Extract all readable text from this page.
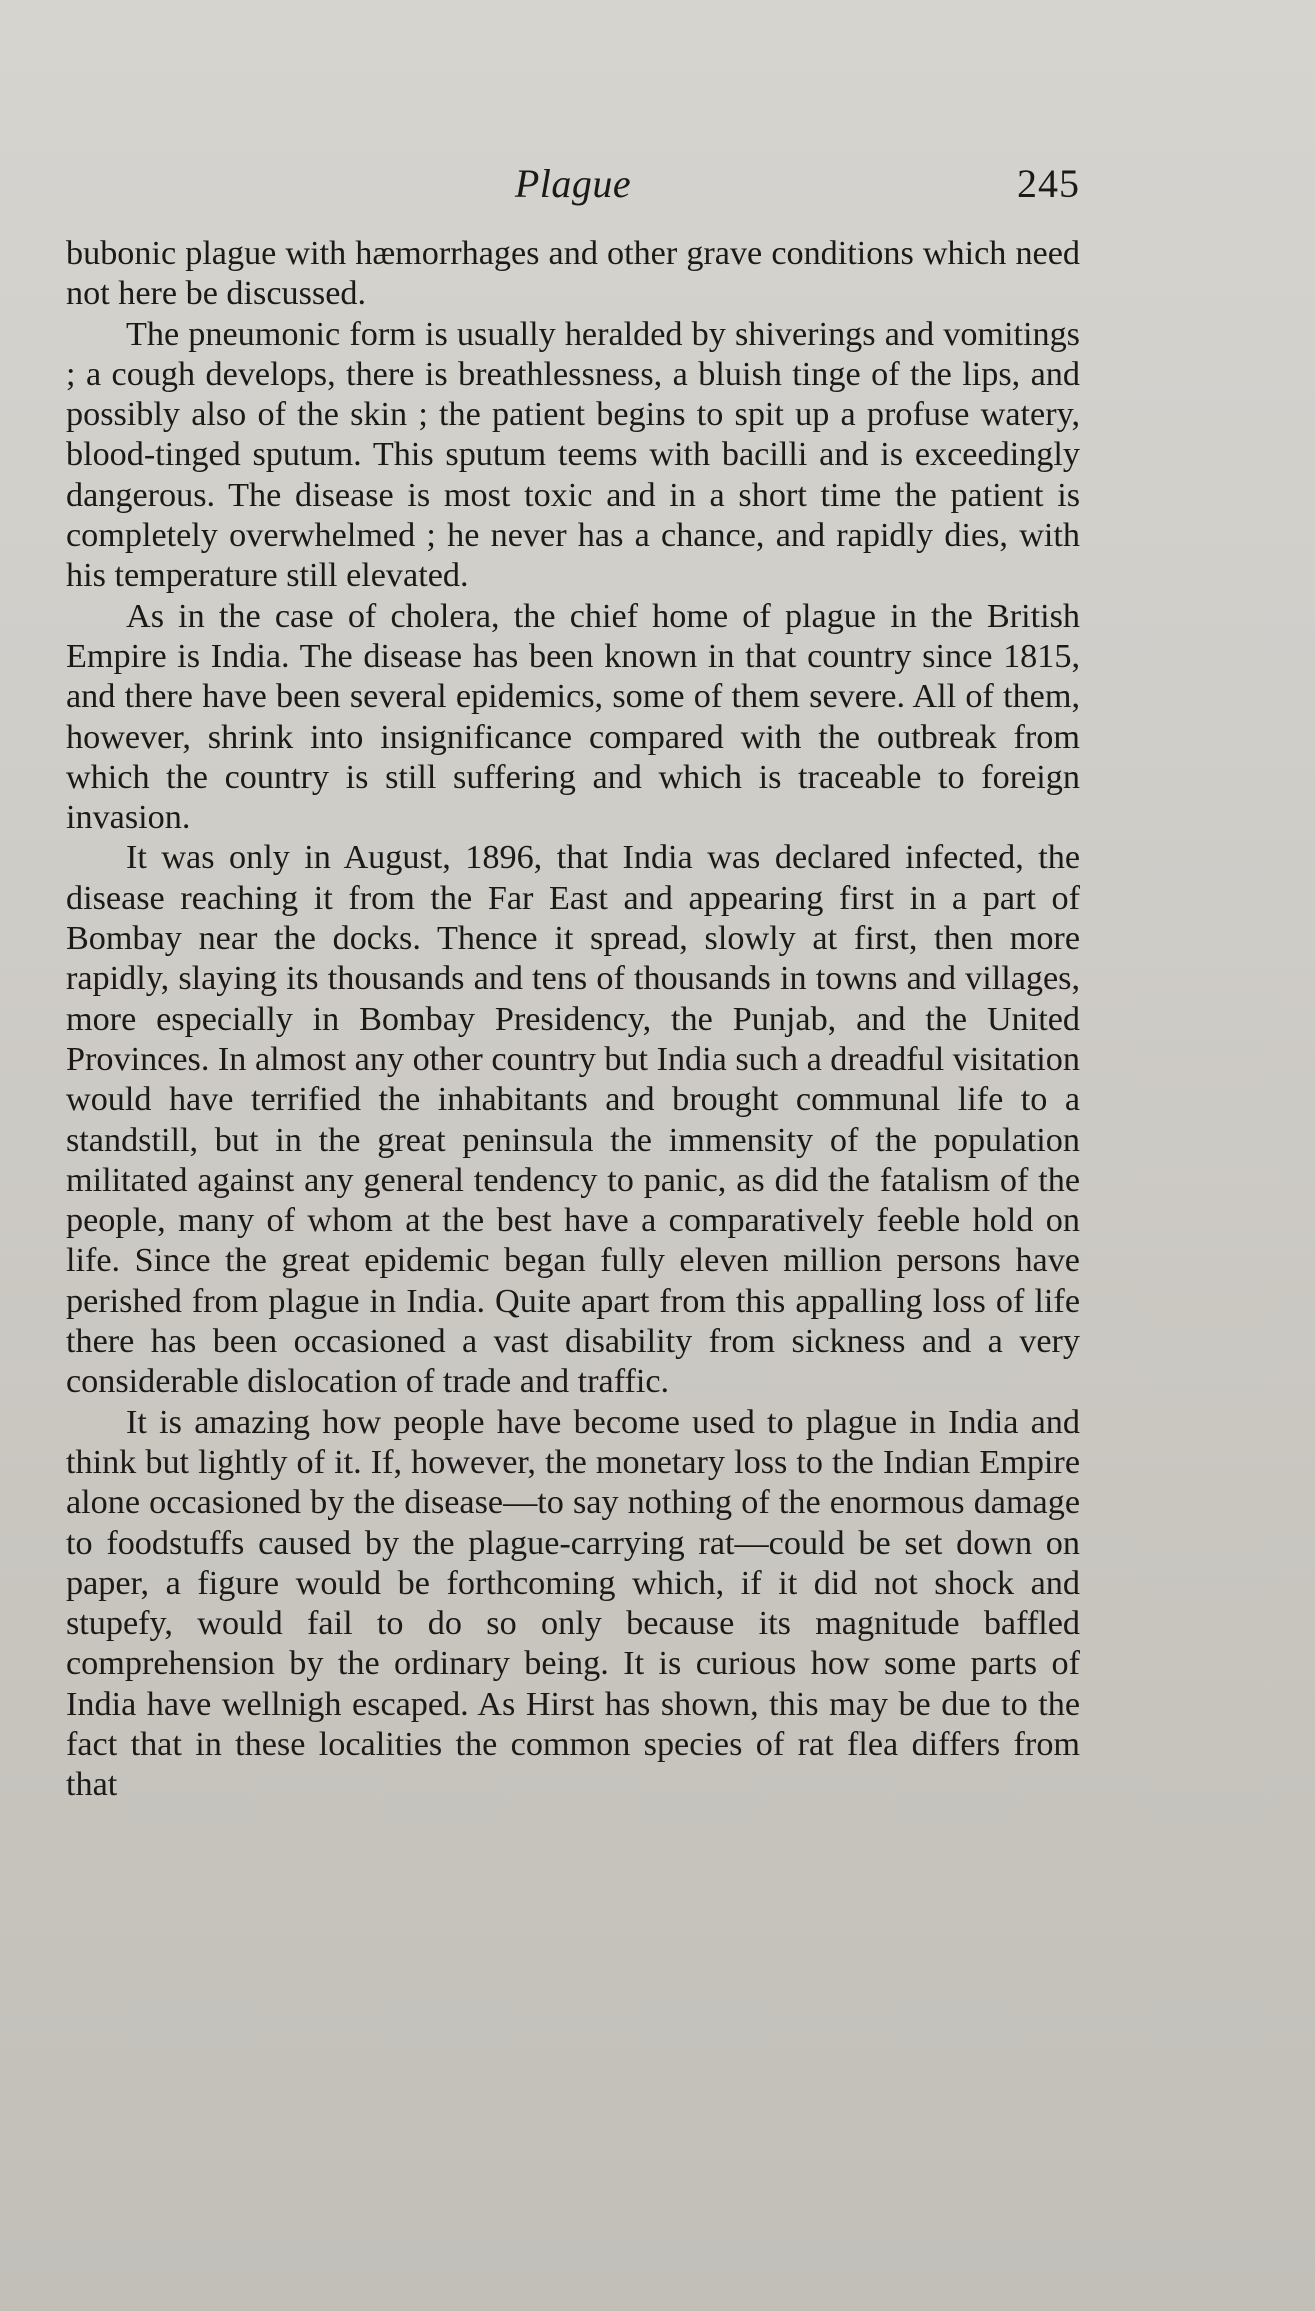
Plague	245

bubonic plague with hæmorrhages and other grave conditions which need not here be discussed.

The pneumonic form is usually heralded by shiverings and vomitings ; a cough develops, there is breathlessness, a bluish tinge of the lips, and possibly also of the skin ; the patient begins to spit up a profuse watery, blood-tinged sputum. This sputum teems with bacilli and is exceedingly dangerous. The disease is most toxic and in a short time the patient is completely overwhelmed ; he never has a chance, and rapidly dies, with his temperature still elevated.

As in the case of cholera, the chief home of plague in the British Empire is India. The disease has been known in that country since 1815, and there have been several epidemics, some of them severe. All of them, however, shrink into insignificance compared with the outbreak from which the country is still suffering and which is traceable to foreign invasion.

It was only in August, 1896, that India was declared infected, the disease reaching it from the Far East and appearing first in a part of Bombay near the docks. Thence it spread, slowly at first, then more rapidly, slaying its thousands and tens of thousands in towns and villages, more especially in Bombay Presidency, the Punjab, and the United Provinces. In almost any other country but India such a dreadful visitation would have terrified the inhabitants and brought communal life to a standstill, but in the great peninsula the immensity of the population militated against any general tendency to panic, as did the fatalism of the people, many of whom at the best have a comparatively feeble hold on life. Since the great epidemic began fully eleven million persons have perished from plague in India. Quite apart from this appalling loss of life there has been occasioned a vast disability from sickness and a very considerable dislocation of trade and traffic.

It is amazing how people have become used to plague in India and think but lightly of it. If, however, the monetary loss to the Indian Empire alone occasioned by the disease—to say nothing of the enormous damage to foodstuffs caused by the plague-carrying rat—could be set down on paper, a figure would be forthcoming which, if it did not shock and stupefy, would fail to do so only because its magnitude baffled comprehension by the ordinary being. It is curious how some parts of India have wellnigh escaped. As Hirst has shown, this may be due to the fact that in these localities the common species of rat flea differs from that
